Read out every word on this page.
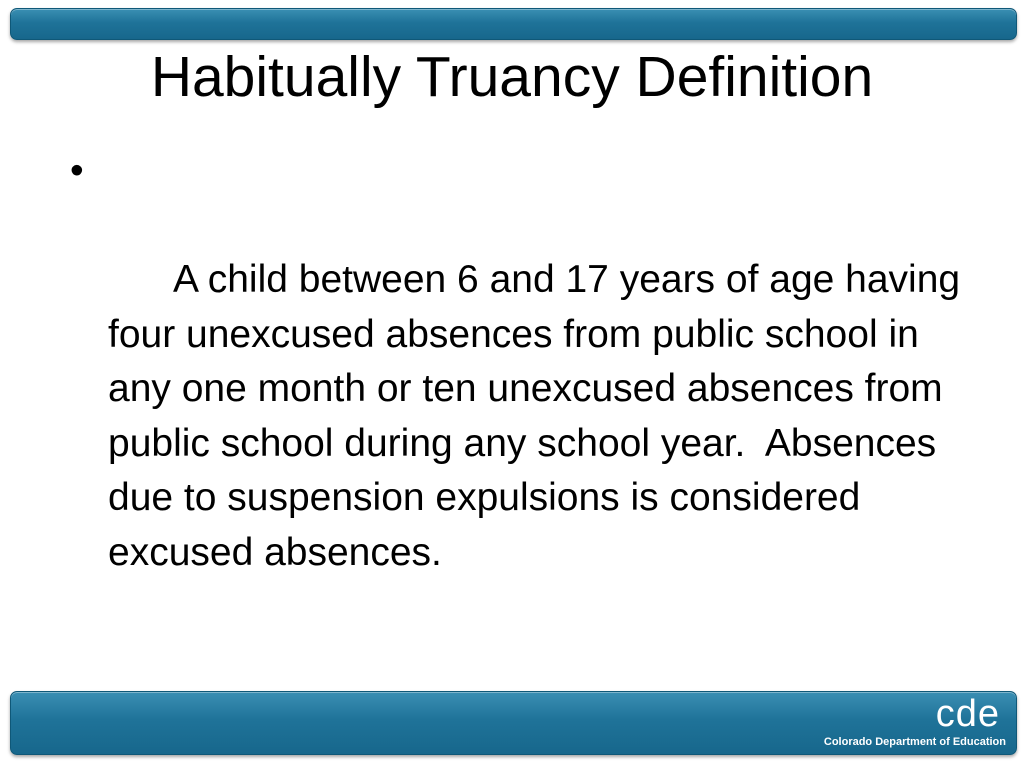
Habitually Truancy Definition

•

A child between 6 and 17 years of age having four unexcused absences from public school in any one month or ten unexcused absences from public school during any school year.  Absences due to suspension expulsions is considered excused absences.

cde
Colorado Department of Education
